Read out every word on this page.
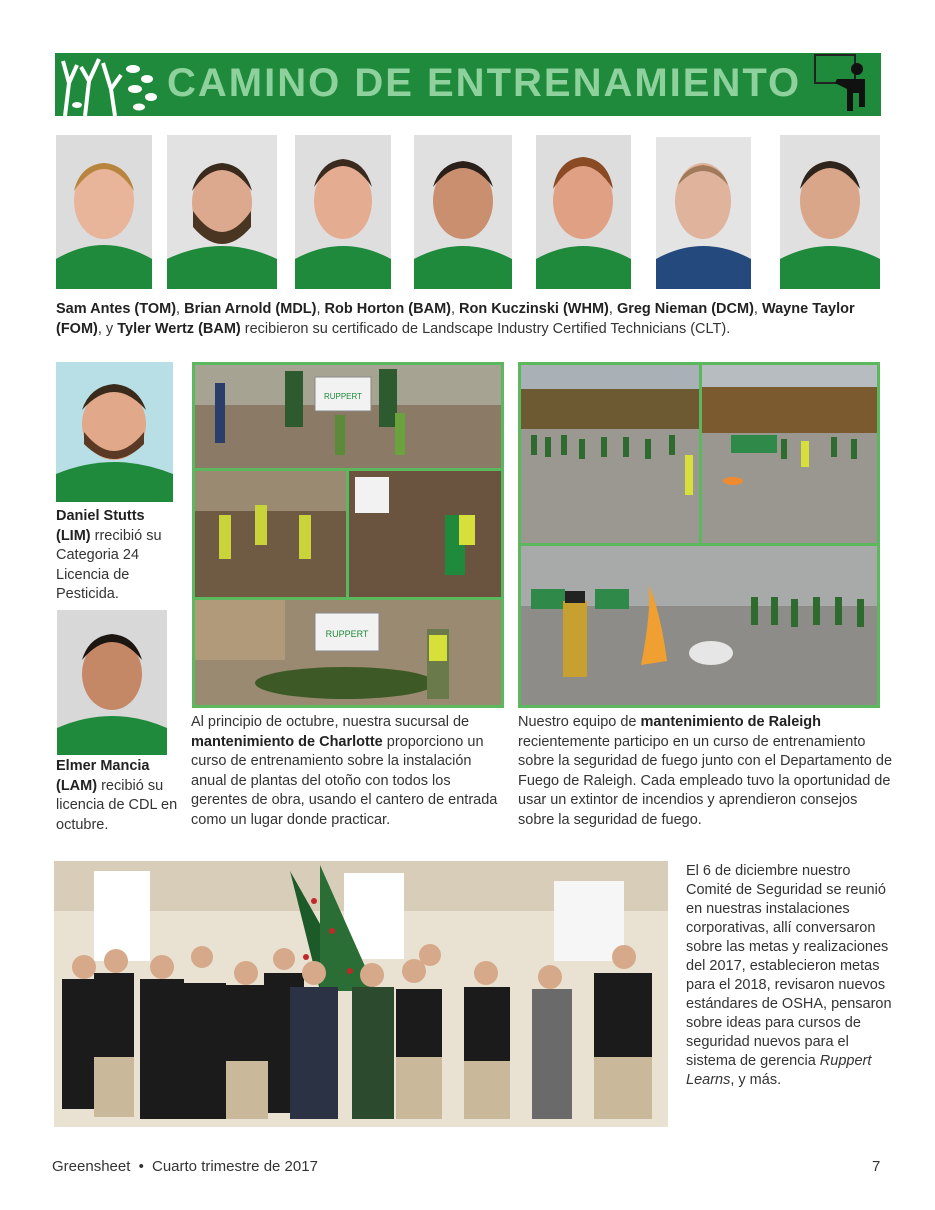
CAMINO DE ENTRENAMIENTO
Sam Antes (TOM), Brian Arnold (MDL), Rob Horton (BAM), Ron Kuczinski (WHM), Greg Nieman (DCM), Wayne Taylor (FOM), y Tyler Wertz (BAM) recibieron su certificado de Landscape Industry Certified Technicians (CLT).
Daniel Stutts (LIM) rrecibió su Categoria 24 Licencia de Pesticida.
Elmer Mancia (LAM) recibió su licencia de CDL en octubre.
RUPPERT
RUPPERT
Al principio de octubre, nuestra sucursal de mantenimiento de Charlotte proporciono un curso de entrenamiento sobre la instalación anual de plantas del otoño con todos los gerentes de obra, usando el cantero de entrada como un lugar donde practicar.
Nuestro equipo de mantenimiento de Raleigh recientemente participo en un curso de entrenamiento sobre la seguridad de fuego junto con el Departamento de Fuego de Raleigh. Cada empleado tuvo la oportunidad de usar un extintor de incendios y aprendieron consejos sobre la seguridad de fuego.
El 6 de diciembre nuestro Comité de Seguridad se reunió en nuestras instalaciones corporativas, allí conversaron sobre las metas y realizaciones del 2017, establecieron metas para el 2018, revisaron nuevos estándares de OSHA, pensaron sobre ideas para cursos de seguridad nuevos para el sistema de gerencia Ruppert Learns, y más.
Greensheet • Cuarto trimestre de 2017	7
